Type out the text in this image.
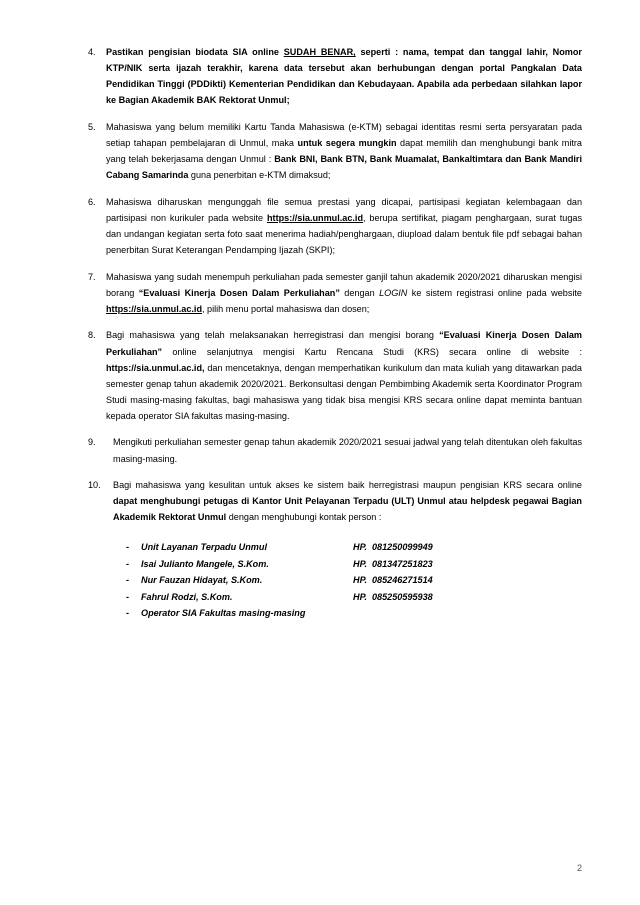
4.	Pastikan pengisian biodata SIA online SUDAH BENAR, seperti : nama, tempat dan tanggal lahir, Nomor KTP/NIK serta ijazah terakhir, karena data tersebut akan berhubungan dengan portal Pangkalan Data Pendidikan Tinggi (PDDikti) Kementerian Pendidikan dan Kebudayaan. Apabila ada perbedaan silahkan lapor ke Bagian Akademik BAK Rektorat Unmul;
5.	Mahasiswa yang belum memiliki Kartu Tanda Mahasiswa (e-KTM) sebagai identitas resmi serta persyaratan pada setiap tahapan pembelajaran di Unmul, maka untuk segera mungkin dapat memilih dan menghubungi bank mitra yang telah bekerjasama dengan Unmul : Bank BNI, Bank BTN, Bank Muamalat, Bankaltimtara dan Bank Mandiri Cabang Samarinda guna penerbitan e-KTM dimaksud;
6.	Mahasiswa diharuskan mengunggah file semua prestasi yang dicapai, partisipasi kegiatan kelembagaan dan partisipasi non kurikuler pada website https://sia.unmul.ac.id, berupa sertifikat, piagam penghargaan, surat tugas dan undangan kegiatan serta foto saat menerima hadiah/penghargaan, diupload dalam bentuk file pdf sebagai bahan penerbitan Surat Keterangan Pendamping Ijazah (SKPI);
7.	Mahasiswa yang sudah menempuh perkuliahan pada semester ganjil tahun akademik 2020/2021 diharuskan mengisi borang “Evaluasi Kinerja Dosen Dalam Perkuliahan” dengan LOGIN ke sistem registrasi online pada website https://sia.unmul.ac.id, pilih menu portal mahasiswa dan dosen;
8.	Bagi mahasiswa yang telah melaksanakan herregistrasi dan mengisi borang “Evaluasi Kinerja Dosen Dalam Perkuliahan” online selanjutnya mengisi Kartu Rencana Studi (KRS) secara online di website : https://sia.unmul.ac.id, dan mencetaknya, dengan memperhatikan kurikulum dan mata kuliah yang ditawarkan pada semester genap tahun akademik 2020/2021. Berkonsultasi dengan Pembimbing Akademik serta Koordinator Program Studi masing-masing fakultas, bagi mahasiswa yang tidak bisa mengisi KRS secara online dapat meminta bantuan kepada operator SIA fakultas masing-masing.
9.	Mengikuti perkuliahan semester genap tahun akademik 2020/2021 sesuai jadwal yang telah ditentukan oleh fakultas masing-masing.
10.	Bagi mahasiswa yang kesulitan untuk akses ke sistem baik herregistrasi maupun pengisian KRS secara online dapat menghubungi petugas di Kantor Unit Pelayanan Terpadu (ULT) Unmul atau helpdesk pegawai Bagian Akademik Rektorat Unmul dengan menghubungi kontak person :
-	Unit Layanan Terpadu Unmul	HP. 081250099949
-	Isai Julianto Mangele, S.Kom.	HP. 081347251823
-	Nur Fauzan Hidayat, S.Kom.	HP. 085246271514
-	Fahrul Rodzi, S.Kom.	HP. 085250595938
-	Operator SIA Fakultas masing-masing
2
